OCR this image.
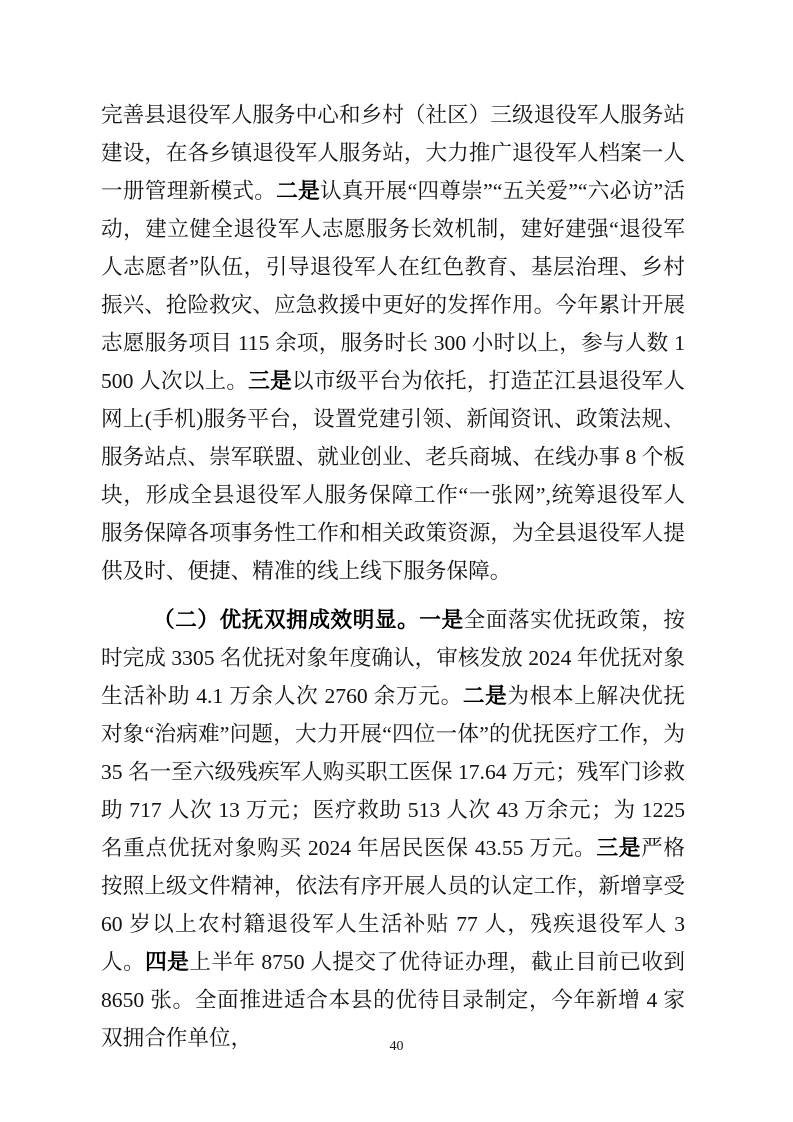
完善县退役军人服务中心和乡村（社区）三级退役军人服务站建设，在各乡镇退役军人服务站，大力推广退役军人档案一人一册管理新模式。二是认真开展“四尊崇”“五关爱”“六必访”活动，建立健全退役军人志愿服务长效机制，建好建强“退役军人志愿者”队伍，引导退役军人在红色教育、基层治理、乡村振兴、抢险救灾、应急救援中更好的发挥作用。今年累计开展志愿服务项目 115 余项，服务时长 300 小时以上，参与人数 1500 人次以上。三是以市级平台为依托，打造芷江县退役军人网上(手机)服务平台，设置党建引领、新闻资讯、政策法规、服务站点、崇军联盟、就业创业、老兵商城、在线办事 8 个板块，形成全县退役军人服务保障工作“一张网”,统筹退役军人服务保障各项事务性工作和相关政策资源，为全县退役军人提供及时、便捷、精准的线上线下服务保障。

（二）优抚双拥成效明显。一是全面落实优抚政策，按时完成 3305 名优抚对象年度确认，审核发放 2024 年优抚对象生活补助 4.1 万余人次 2760 余万元。二是为根本上解决优抚对象“治病难”问题，大力开展“四位一体”的优抚医疗工作，为 35 名一至六级残疾军人购买职工医保 17.64 万元；残军门诊救助 717 人次 13 万元；医疗救助 513 人次 43 万余元；为 1225 名重点优抚对象购买 2024 年居民医保 43.55 万元。三是严格按照上级文件精神，依法有序开展人员的认定工作，新增享受 60 岁以上农村籍退役军人生活补贴 77 人，残疾退役军人 3 人。四是上半年 8750 人提交了优待证办理，截止目前已收到 8650 张。全面推进适合本县的优待目录制定，今年新增 4 家双拥合作单位，	40
